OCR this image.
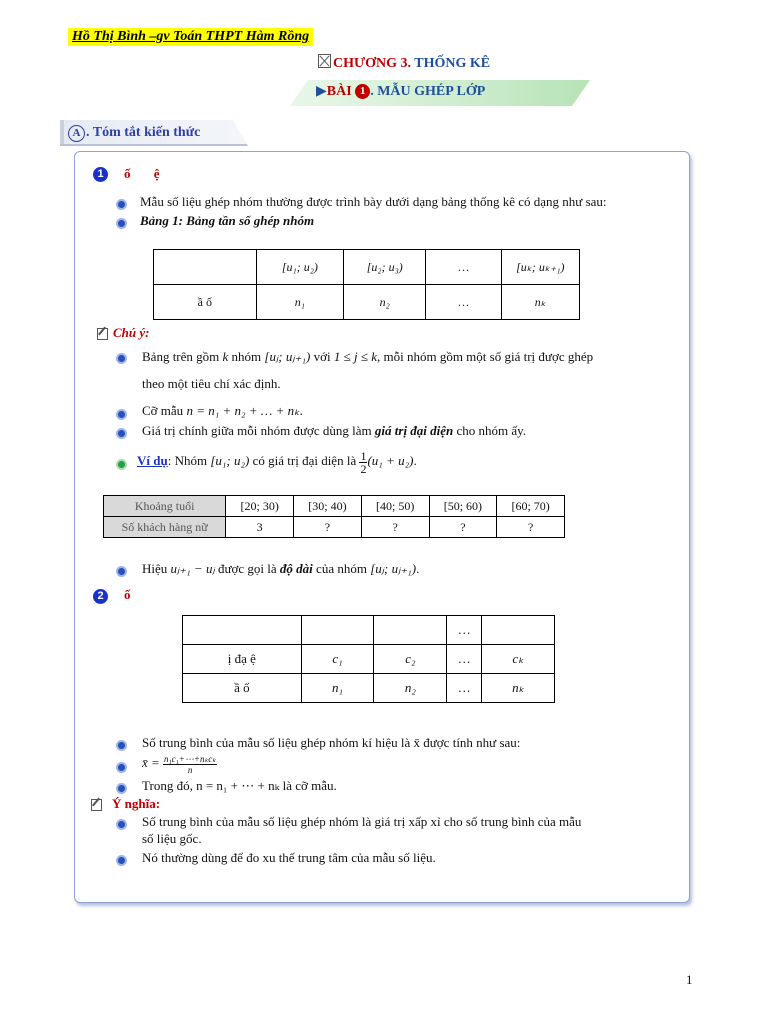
Hồ Thị Bình –gv Toán THPT Hàm Rồng
CHƯƠNG 3. THỐNG KÊ
▶BÀI 1 . MẪU GHÉP LỚP
A . Tóm tắt kiến thức
1	ố ệ
Mẫu số liệu ghép nhóm thường được trình bày dưới dạng bảng thống kê có dạng như sau:
Bảng 1: Bảng tần số ghép nhóm
	[u₁; u₂)	[u₂; u₃)	…	[uₖ; uₖ₊₁)
ầ ố	n₁	n₂	…	nₖ
Chú ý:
Bảng trên gồm k nhóm [uⱼ; uⱼ₊₁) với 1 ≤ j ≤ k, mỗi nhóm gồm một số giá trị được ghép
theo một tiêu chí xác định.
Cỡ mẫu n = n₁ + n₂ + … + nₖ.
Giá trị chính giữa mỗi nhóm được dùng làm giá trị đại diện cho nhóm ấy.
Ví dụ: Nhóm [u₁; u₂) có giá trị đại diện là $\frac{1}{2} (u_1 + u_2)$.
Khoảng tuổi	[20; 30)	[30; 40)	[40; 50)	[50; 60)	[60; 70)
Số khách hàng nữ	3	?	?	?	?
Hiệu uⱼ₊₁ − uⱼ được gọi là độ dài của nhóm [uⱼ; uⱼ₊₁).
2	ố
			…	
ị đạ ệ	c₁	c₂	…	cₖ
ầ ố	n₁	n₂	…	nₖ
Số trung bình của mẫu số liệu ghép nhóm kí hiệu là x̄ được tính như sau:
x̄ = $\frac{\text{n₁c₁+⋯+nₖcₖ}}{n}$
Trong đó, n = n₁ + ⋯ + nₖ là cỡ mẫu.
Ý nghĩa:
Số trung bình của mẫu số liệu ghép nhóm là giá trị xấp xỉ cho số trung bình của mẫu
số liệu gốc.
Nó thường dùng để đo xu thế trung tâm của mẫu số liệu.
1
